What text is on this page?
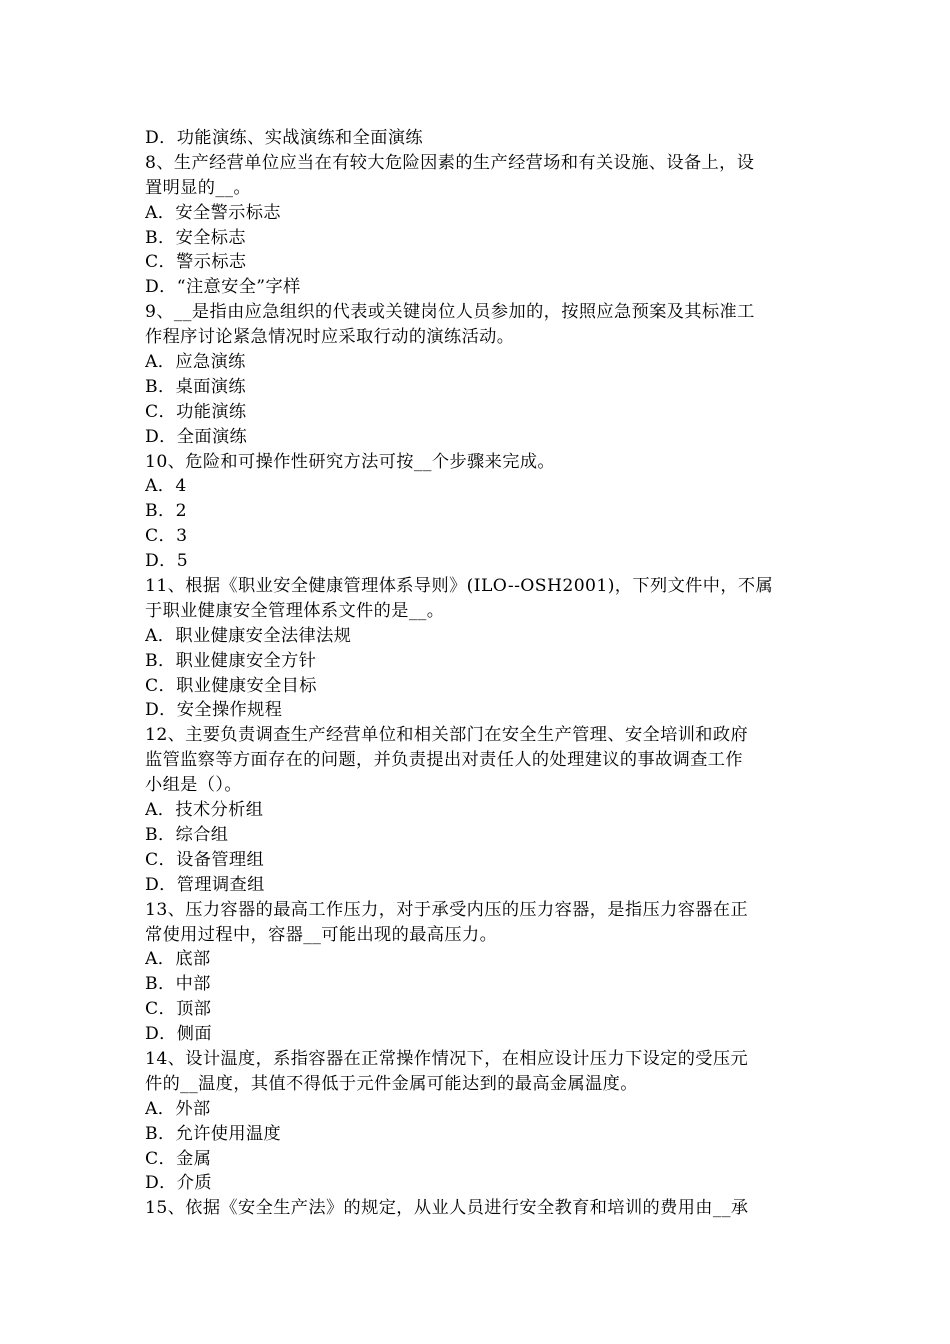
D．功能演练、实战演练和全面演练
8、生产经营单位应当在有较大危险因素的生产经营场和有关设施、设备上，设
置明显的__。
A．安全警示标志
B．安全标志
C．警示标志
D．“注意安全”字样
9、__是指由应急组织的代表或关键岗位人员参加的，按照应急预案及其标准工
作程序讨论紧急情况时应采取行动的演练活动。
A．应急演练
B．桌面演练
C．功能演练
D．全面演练
10、危险和可操作性研究方法可按__个步骤来完成。
A．4
B．2
C．3
D．5
11、根据《职业安全健康管理体系导则》(ILO--OSH2001)，下列文件中，不属
于职业健康安全管理体系文件的是__。
A．职业健康安全法律法规
B．职业健康安全方针
C．职业健康安全目标
D．安全操作规程
12、主要负责调查生产经营单位和相关部门在安全生产管理、安全培训和政府
监管监察等方面存在的问题，并负责提出对责任人的处理建议的事故调查工作
小组是（）。
A．技术分析组
B．综合组
C．设备管理组
D．管理调查组
13、压力容器的最高工作压力，对于承受内压的压力容器，是指压力容器在正
常使用过程中，容器__可能出现的最高压力。
A．底部
B．中部
C．顶部
D．侧面
14、设计温度，系指容器在正常操作情况下，在相应设计压力下设定的受压元
件的__温度，其值不得低于元件金属可能达到的最高金属温度。
A．外部
B．允许使用温度
C．金属
D．介质
15、依据《安全生产法》的规定，从业人员进行安全教育和培训的费用由__承
